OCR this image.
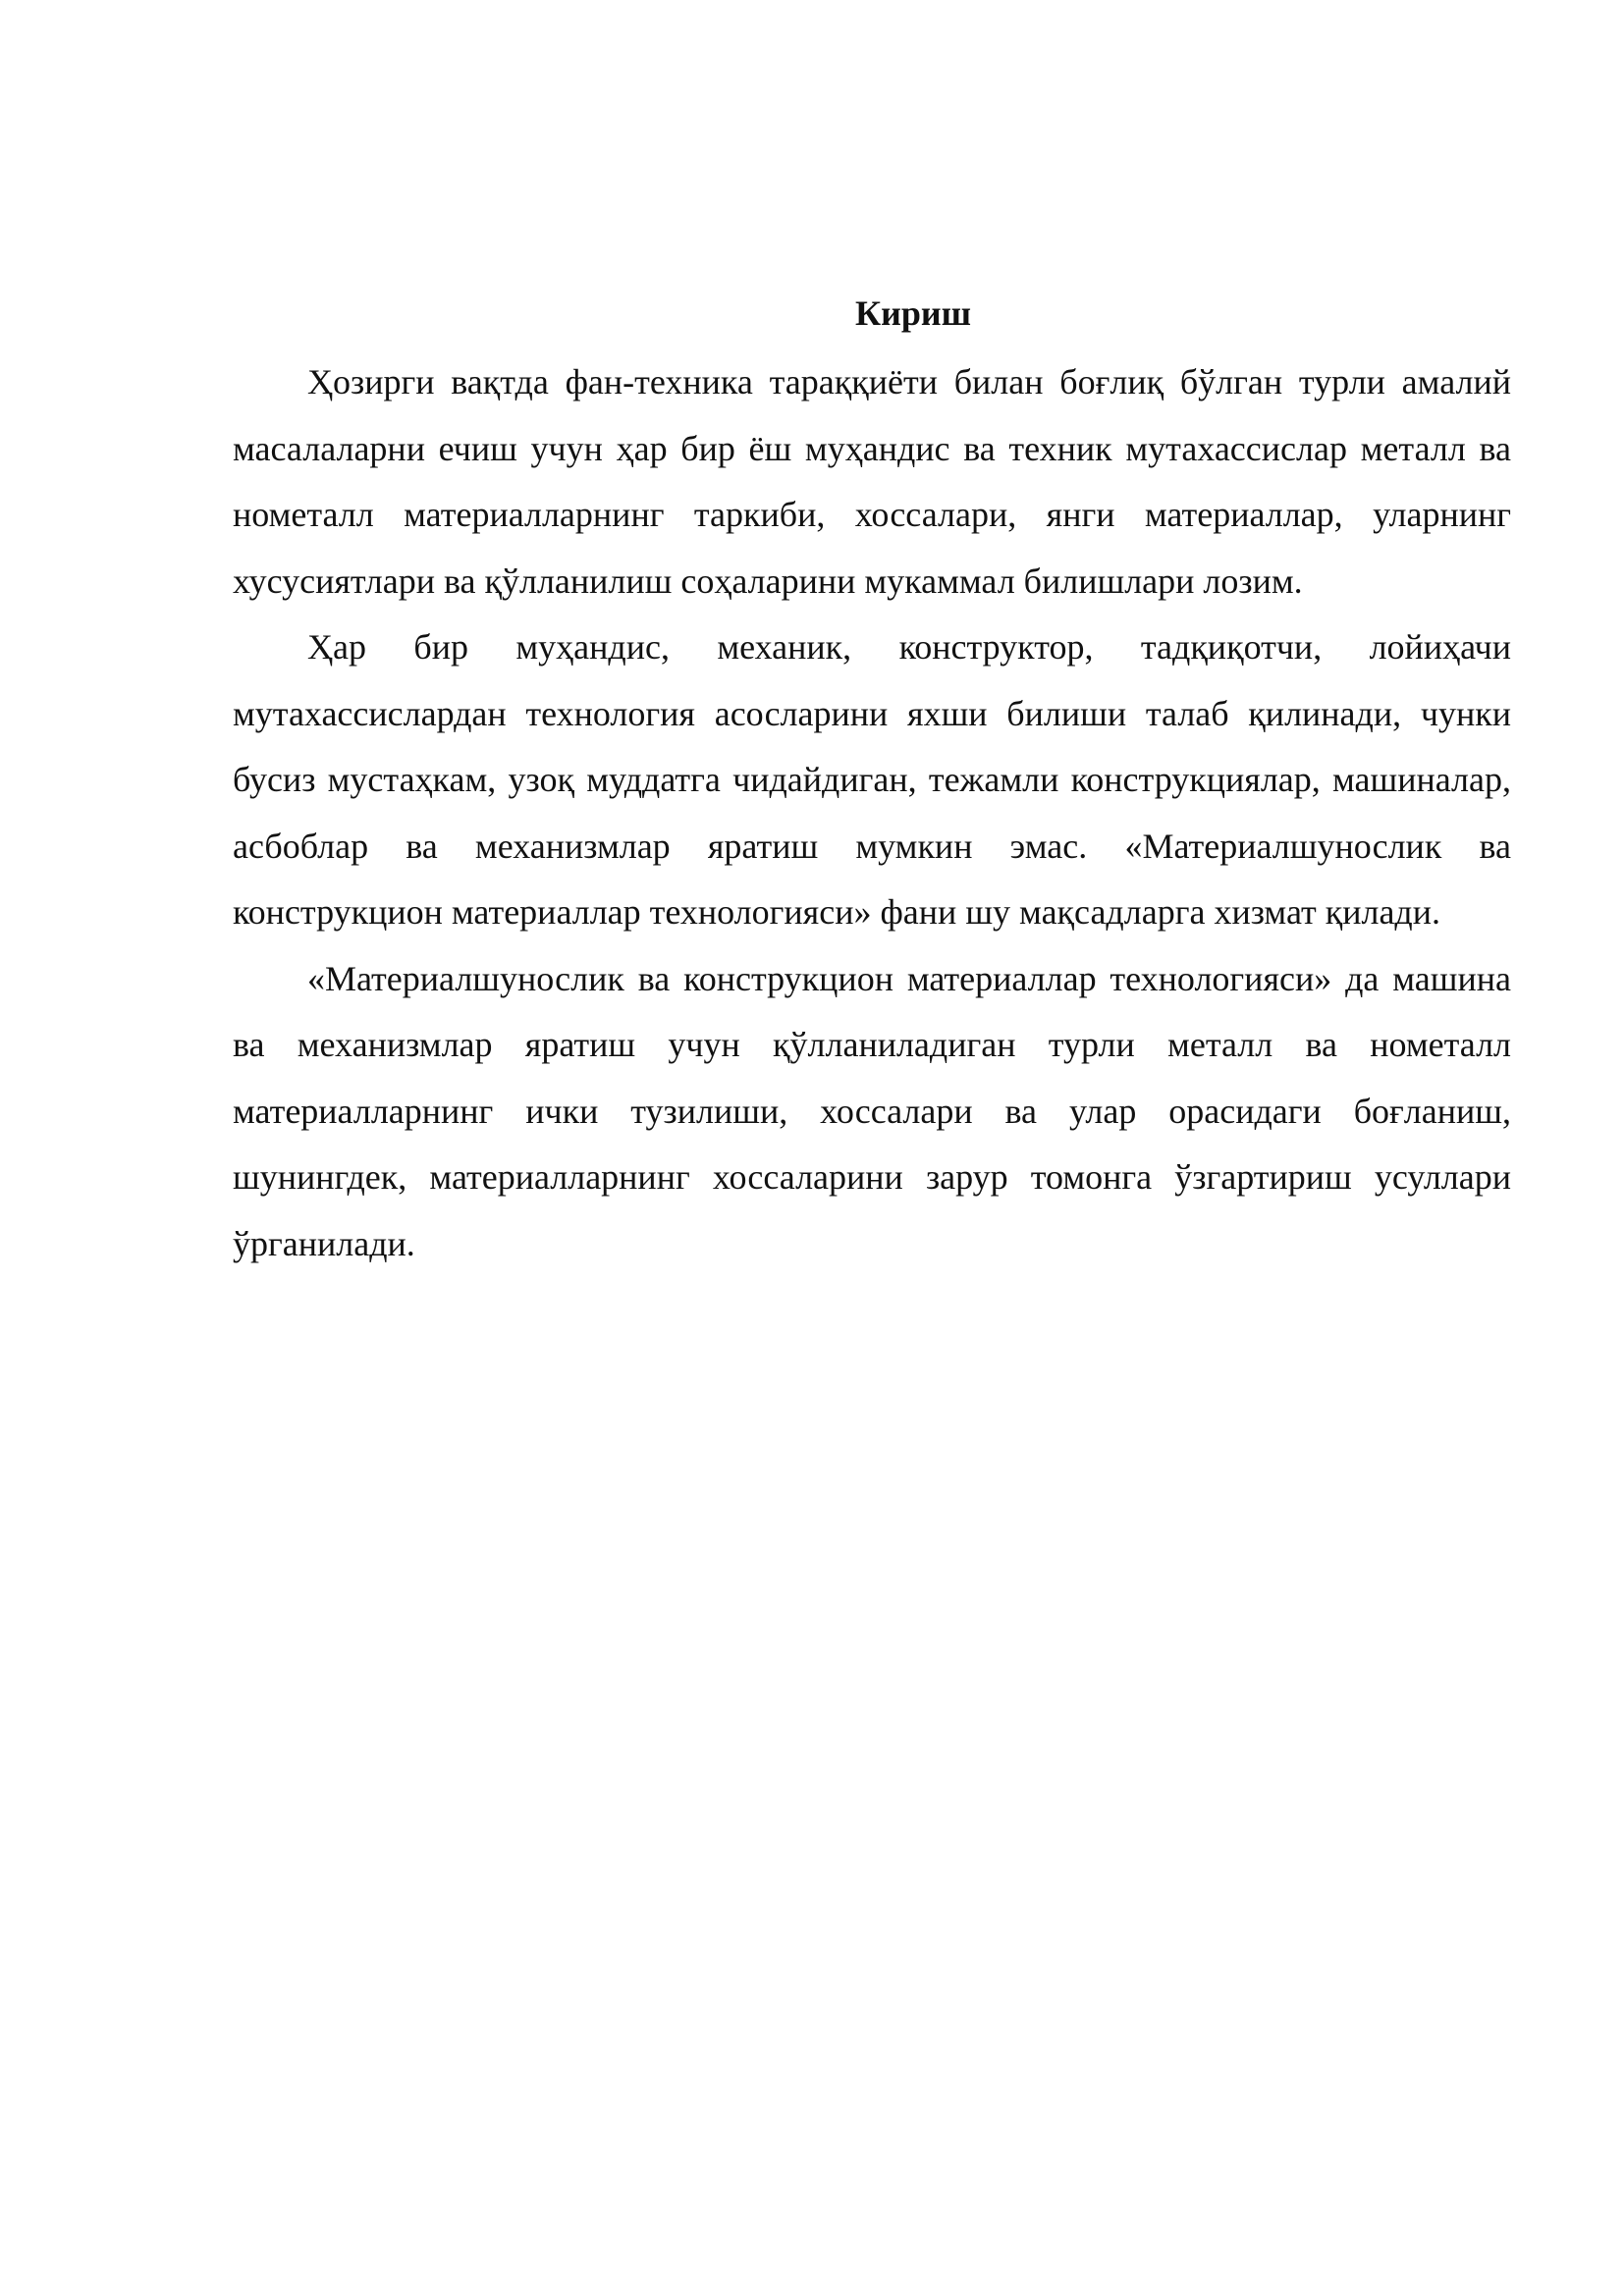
Кириш

Ҳозирги вақтда фан-техника тараққиёти билан боғлиқ бўлган турли амалий масалаларни ечиш учун ҳар бир ёш муҳандис ва техник мутахассислар металл ва нометалл материалларнинг таркиби, хоссалари, янги материаллар, уларнинг хусусиятлари ва қўлланилиш соҳаларини мукаммал билишлари лозим.

Ҳар бир муҳандис, механик, конструктор, тадқиқотчи, лойиҳачи мутахассислардан технология асосларини яхши билиши талаб қилинади, чунки бусиз мустаҳкам, узоқ муддатга чидайдиган, тежамли конструкциялар, машиналар, асбоблар ва механизмлар яратиш мумкин эмас. «Материалшунослик ва конструкцион материаллар технологияси» фани шу мақсадларга хизмат қилади.

«Материалшунослик ва конструкцион материаллар технологияси» да машина ва механизмлар яратиш учун қўлланиладиган турли металл ва нометалл материалларнинг ички тузилиши, хоссалари ва улар орасидаги боғланиш, шунингдек, материалларнинг хоссаларини зарур томонга ўзгартириш усуллари ўрганилади.
